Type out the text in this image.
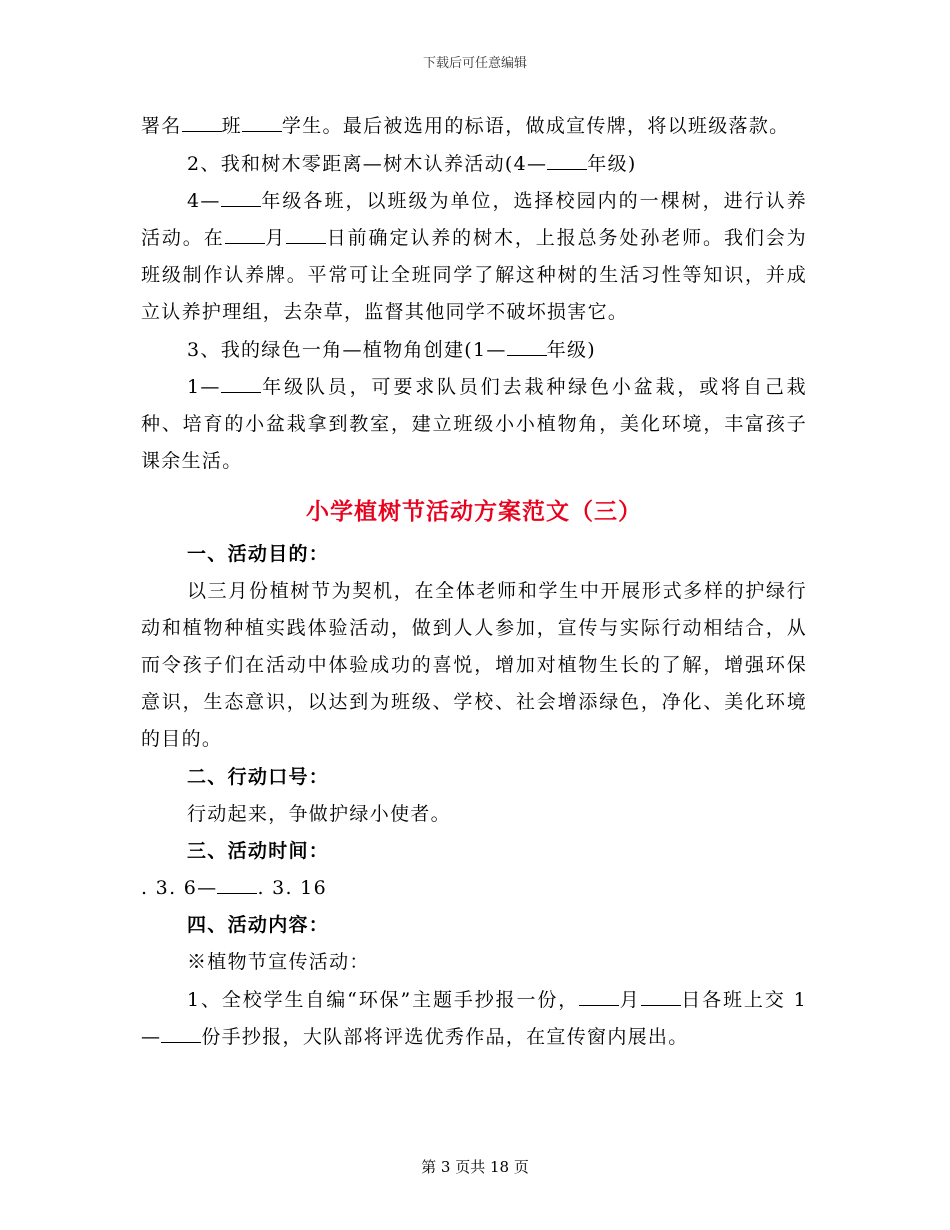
下载后可任意编辑

署名 班 学生。最后被选用的标语，做成宣传牌，将以班级落款。

2、我和树木零距离—树木认养活动(4— 年级)

4— 年级各班，以班级为单位，选择校园内的一棵树，进行认养活动。在 月 日前确定认养的树木，上报总务处孙老师。我们会为班级制作认养牌。平常可让全班同学了解这种树的生活习性等知识，并成立认养护理组，去杂草，监督其他同学不破坏损害它。

3、我的绿色一角—植物角创建(1— 年级)

1— 年级队员，可要求队员们去栽种绿色小盆栽，或将自己栽种、培育的小盆栽拿到教室，建立班级小小植物角，美化环境，丰富孩子课余生活。

小学植树节活动方案范文（三）

一、活动目的：

以三月份植树节为契机，在全体老师和学生中开展形式多样的护绿行动和植物种植实践体验活动，做到人人参加，宣传与实际行动相结合，从而令孩子们在活动中体验成功的喜悦，增加对植物生长的了解，增强环保意识，生态意识，以达到为班级、学校、社会增添绿色，净化、美化环境的目的。

二、行动口号：

行动起来，争做护绿小使者。

三、活动时间：

. 3. 6— . 3. 16

四、活动内容：

※植物节宣传活动：

1、全校学生自编“环保”主题手抄报一份， 月 日各班上交 1— 份手抄报，大队部将评选优秀作品，在宣传窗内展出。

第 3 页共 18 页
